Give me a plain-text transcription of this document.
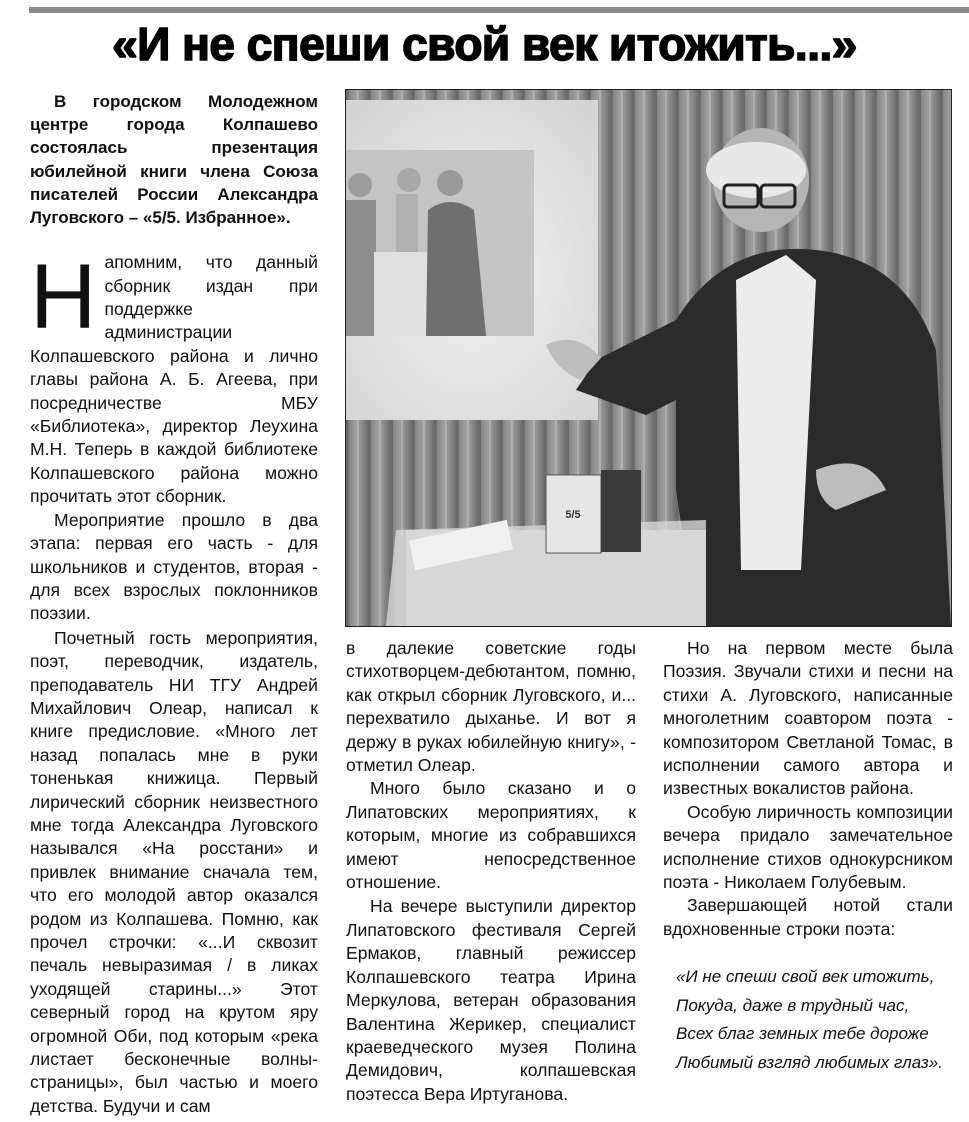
«И не спеши свой век итожить...»

В городском Молодежном центре города Колпашево состоялась презентация юбилейной книги члена Союза писателей России Александра Луговского – «5/5. Избранное».

Напомним, что данный сборник издан при поддержке администрации Колпашевского района и лично главы района А. Б. Агеева, при посредничестве МБУ «Библиотека», директор Леухина М.Н. Теперь в каждой библиотеке Колпашевского района можно прочитать этот сборник.

Мероприятие прошло в два этапа: первая его часть - для школьников и студентов, вторая - для всех взрослых поклонников поэзии.

Почетный гость мероприятия, поэт, переводчик, издатель, преподаватель НИ ТГУ Андрей Михайлович Олеар, написал к книге предисловие. «Много лет назад попалась мне в руки тоненькая книжица. Первый лирический сборник неизвестного мне тогда Александра Луговского назывался «На росстани» и привлек внимание сначала тем, что его молодой автор оказался родом из Колпашева. Помню, как прочел строчки: «...И сквозит печаль невыразимая / в ликах уходящей старины...» Этот северный город на крутом яру огромной Оби, под которым «река листает бесконечные волны-страницы», был частью и моего детства. Будучи и сам

5/5

в далекие советские годы стихотворцем-дебютантом, помню, как открыл сборник Луговского, и... перехватило дыханье. И вот я держу в руках юбилейную книгу», - отметил Олеар.

Много было сказано и о Липатовских мероприятиях, к которым, многие из собравшихся имеют непосредственное отношение.

На вечере выступили директор Липатовского фестиваля Сергей Ермаков, главный режиссер Колпашевского театра Ирина Меркулова, ветеран образования Валентина Жерикер, специалист краеведческого музея Полина Демидович, колпашевская поэтесса Вера Иртуганова.

Но на первом месте была Поэзия. Звучали стихи и песни на стихи А. Луговского, написанные многолетним соавтором поэта - композитором Светланой Томас, в исполнении самого автора и известных вокалистов района.

Особую лиричность композиции вечера придало замечательное исполнение стихов однокурсником поэта - Николаем Голубевым.

Завершающей нотой стали вдохновенные строки поэта:

«И не спеши свой век итожить,
Покуда, даже в трудный час,
Всех благ земных тебе дороже
Любимый взгляд любимых глаз».
